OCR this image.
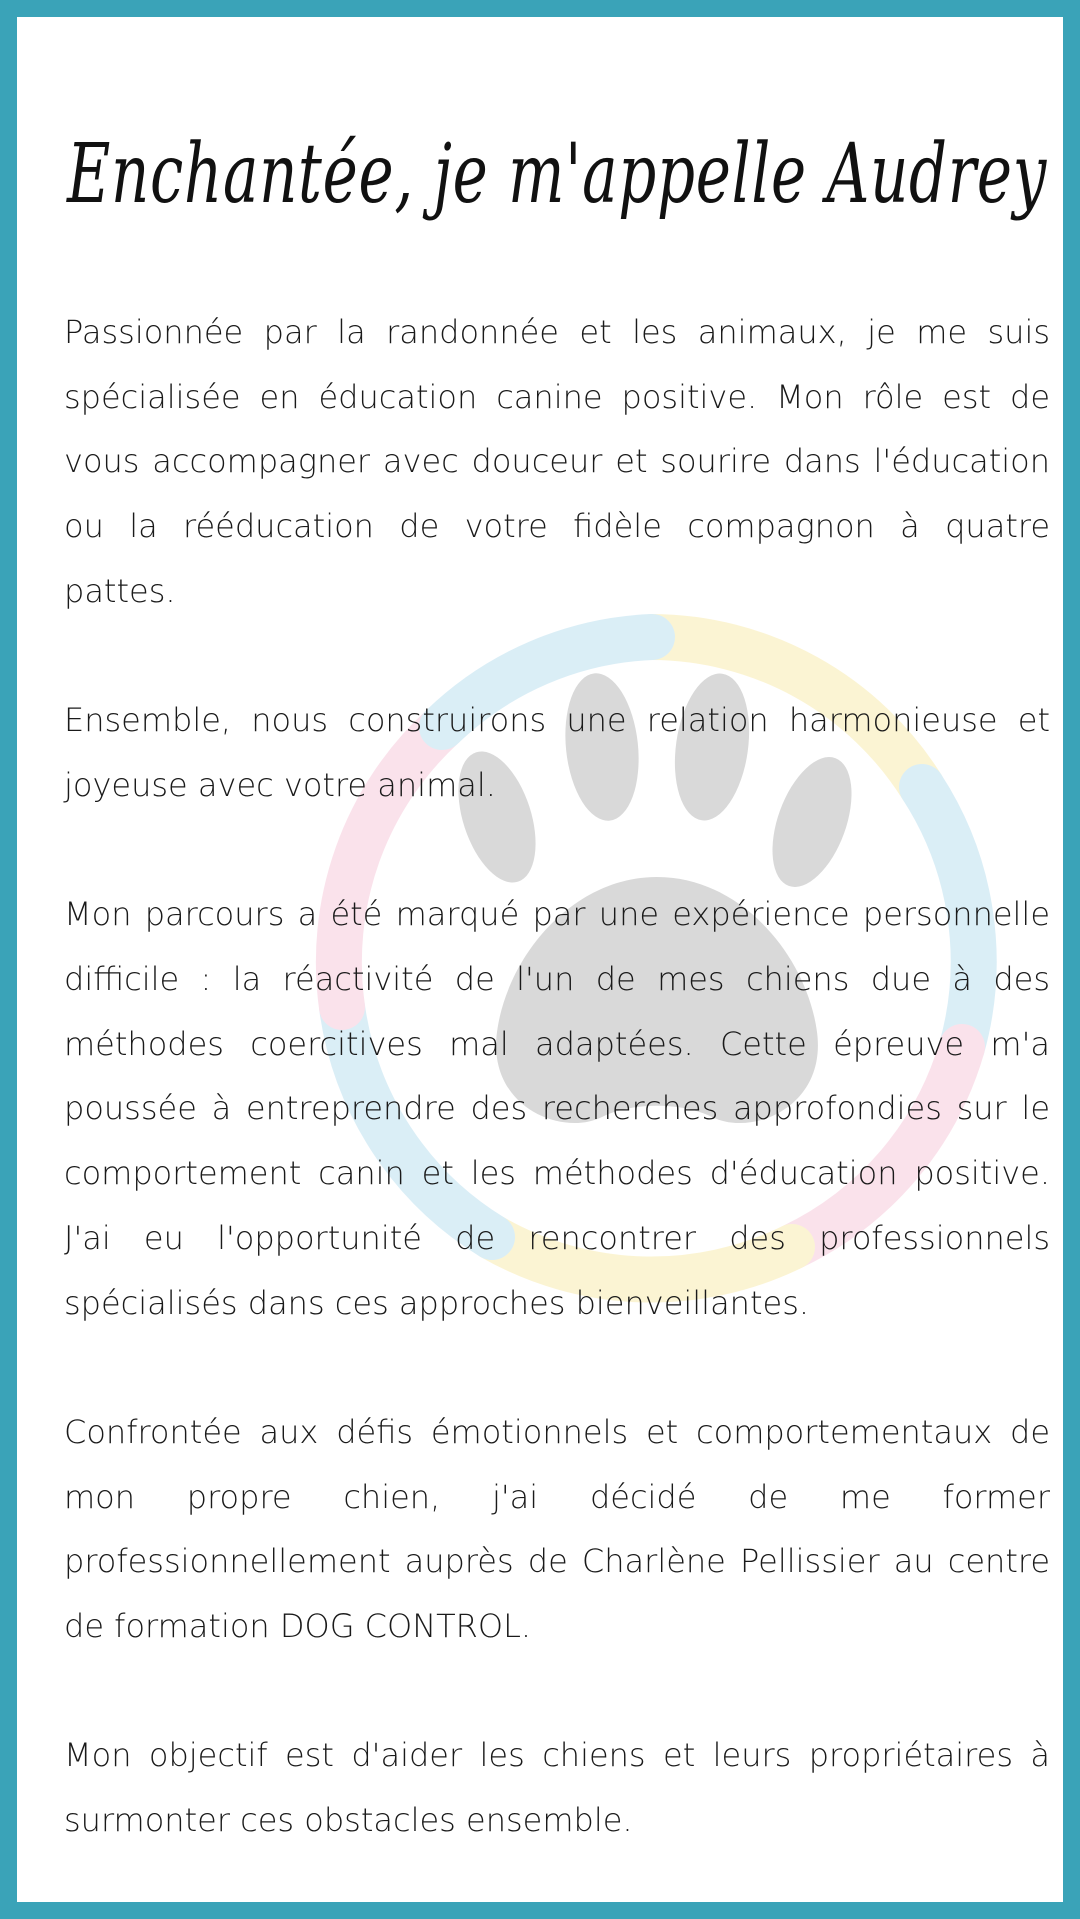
Enchantée, je m'appelle Audrey

Passionnée par la randonnée et les animaux, je me suis spécialisée en éducation canine positive. Mon rôle est de vous accompagner avec douceur et sourire dans l'éducation ou la rééducation de votre fidèle compagnon à quatre pattes.

Ensemble, nous construirons une relation harmonieuse et joyeuse avec votre animal.

Mon parcours a été marqué par une expérience personnelle difficile : la réactivité de l'un de mes chiens due à des méthodes coercitives mal adaptées. Cette épreuve m'a poussée à entreprendre des recherches approfondies sur le comportement canin et les méthodes d'éducation positive. J'ai eu l'opportunité de rencontrer des professionnels spécialisés dans ces approches bienveillantes.

Confrontée aux défis émotionnels et comportementaux de mon propre chien, j'ai décidé de me former professionnellement auprès de Charlène Pellissier au centre de formation DOG CONTROL.

Mon objectif est d'aider les chiens et leurs propriétaires à surmonter ces obstacles ensemble.
